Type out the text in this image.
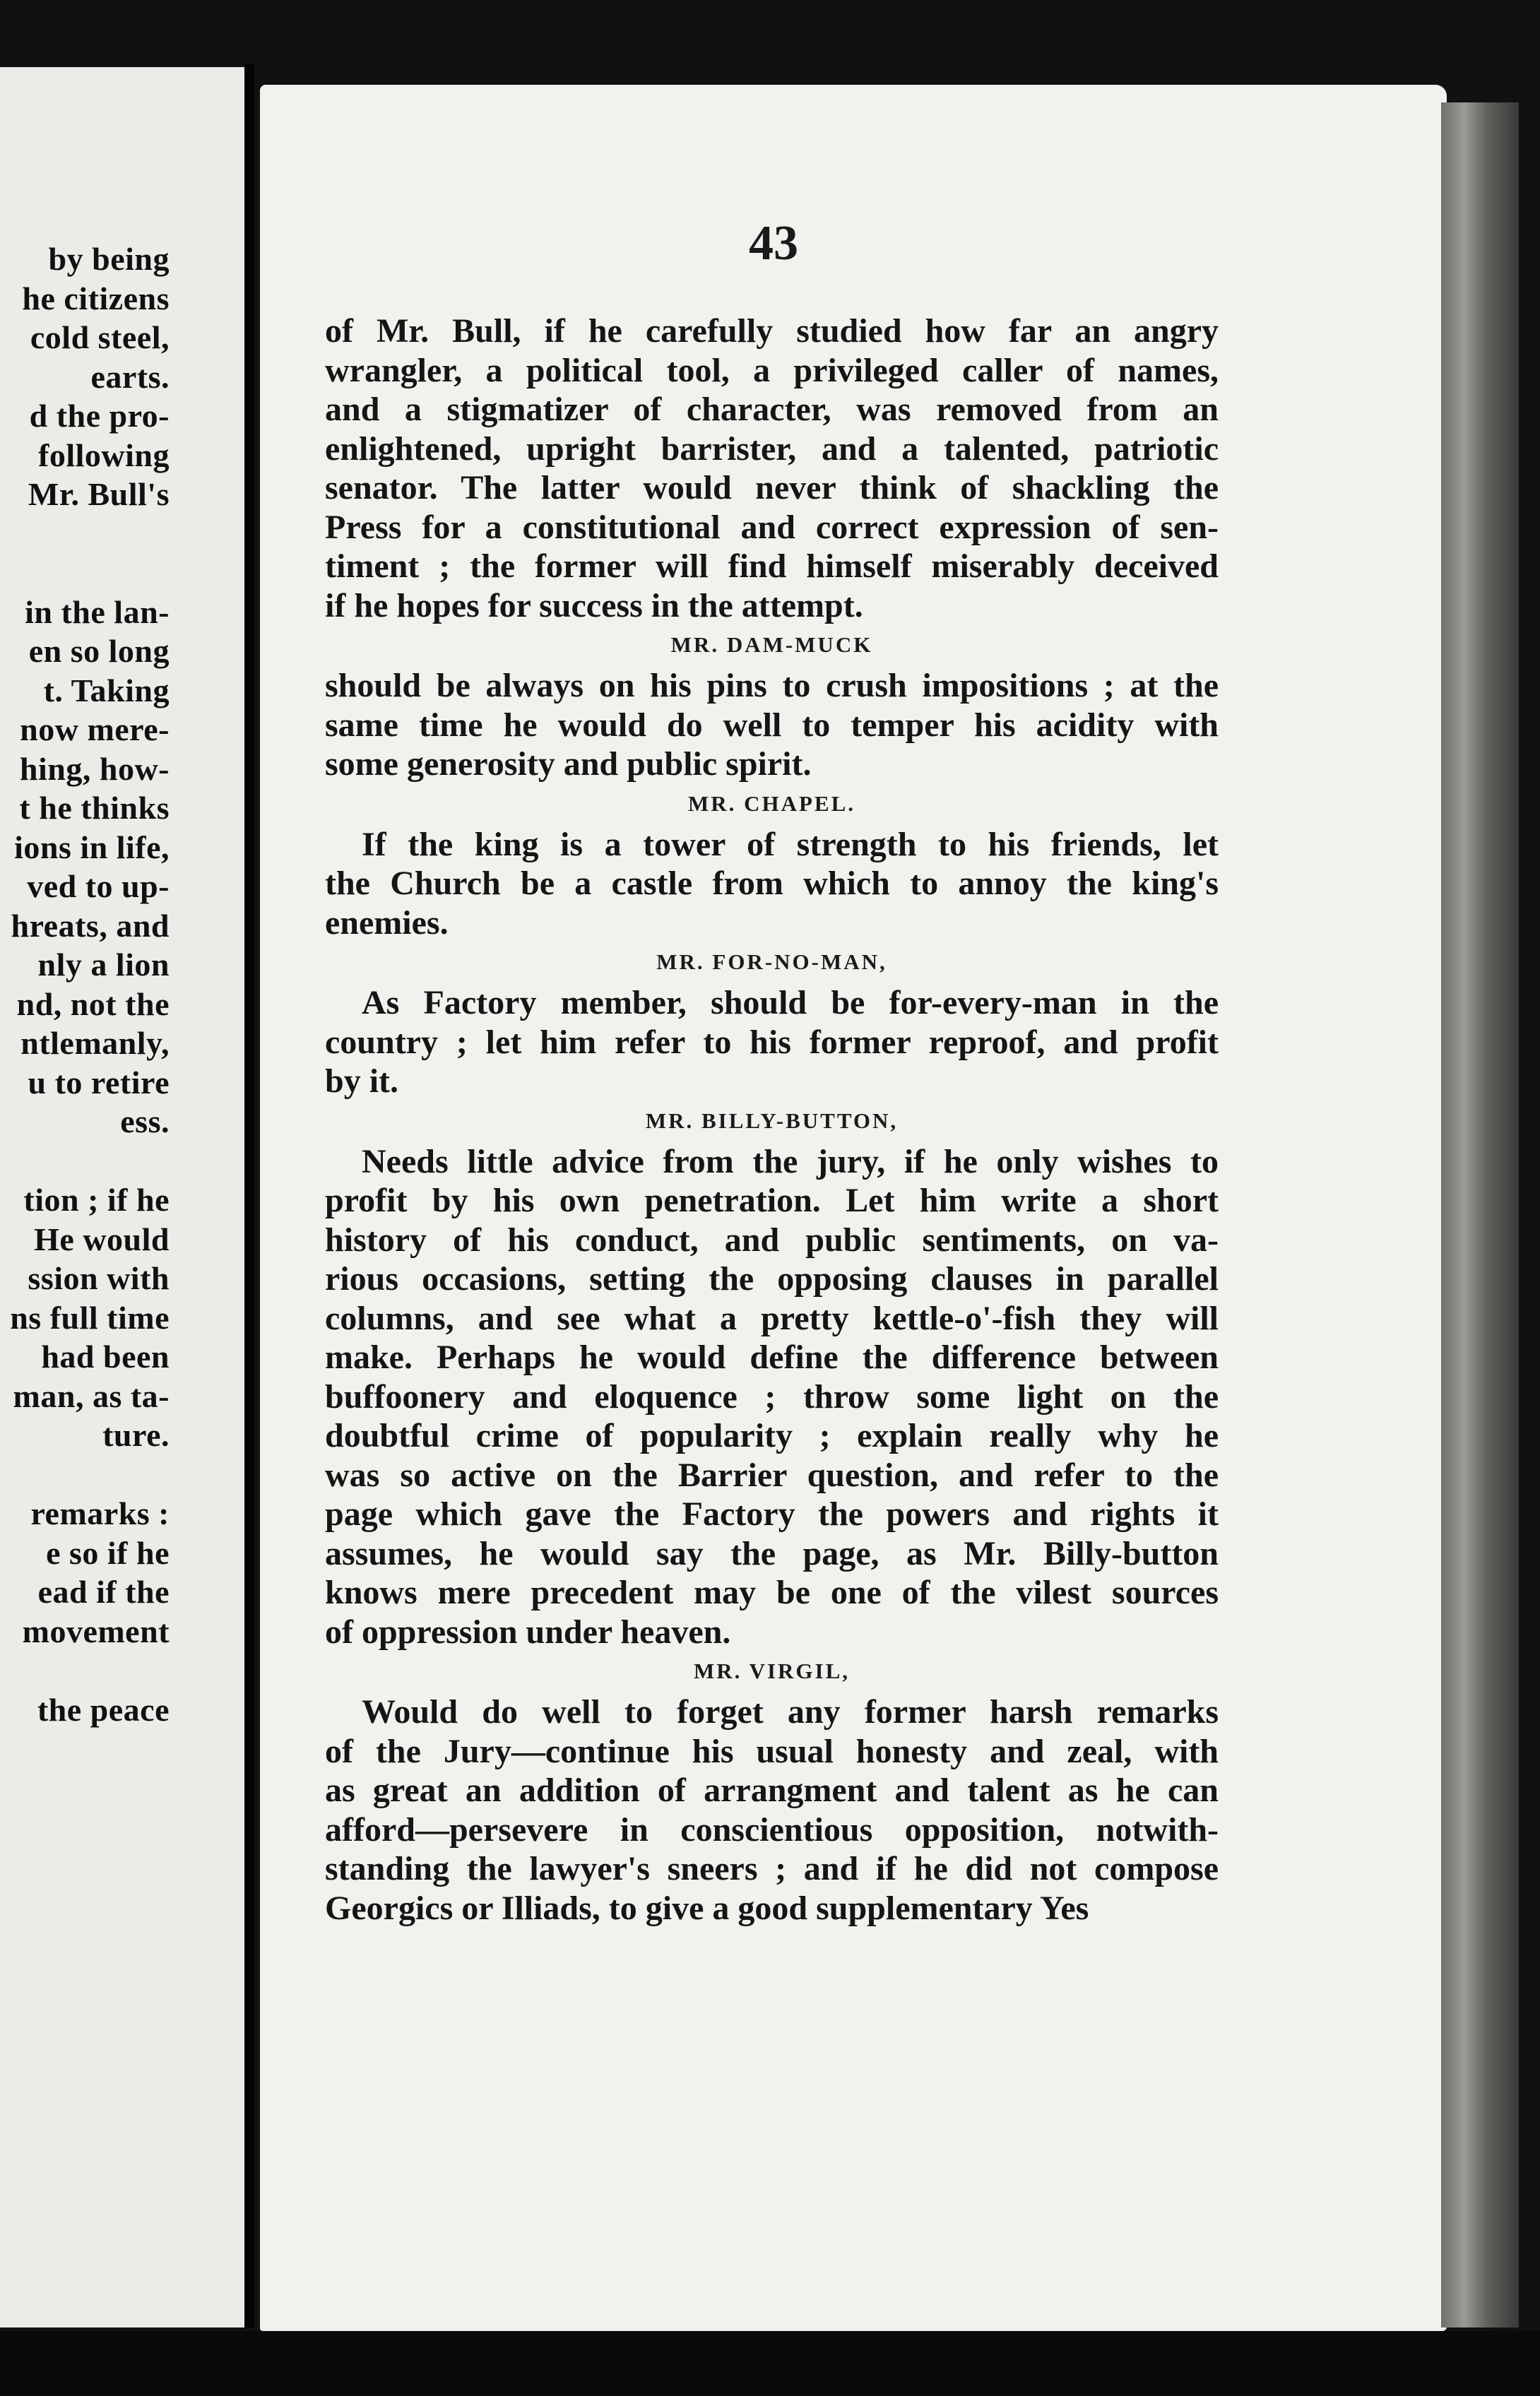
by being
he citizens
cold steel,
earts.
d the pro-
following
Mr. Bull's
in the lan-
en so long
t. Taking
now mere-
hing, how-
t he thinks
ions in life,
ved to up-
hreats, and
nly a lion
nd, not the
ntlemanly,
u to retire
ess.
tion ; if he
He would
ssion with
ns full time
had been
man, as ta-
ture.
remarks :
e so if he
ead if the
movement
the peace
43
of Mr. Bull, if he carefully studied how far an angry
wrangler, a political tool, a privileged caller of names,
and a stigmatizer of character, was removed from an
enlightened, upright barrister, and a talented, patriotic
senator. The latter would never think of shackling the
Press for a constitutional and correct expression of sen-
timent ; the former will find himself miserably deceived
if he hopes for success in the attempt.
MR. DAM-MUCK
should be always on his pins to crush impositions ; at the
same time he would do well to temper his acidity with
some generosity and public spirit.
MR. CHAPEL.
If the king is a tower of strength to his friends, let
the Church be a castle from which to annoy the king's
enemies.
MR. FOR-NO-MAN,
As Factory member, should be for-every-man in the
country ; let him refer to his former reproof, and profit
by it.
MR. BILLY-BUTTON,
Needs little advice from the jury, if he only wishes to
profit by his own penetration. Let him write a short
history of his conduct, and public sentiments, on va-
rious occasions, setting the opposing clauses in parallel
columns, and see what a pretty kettle-o'-fish they will
make. Perhaps he would define the difference between
buffoonery and eloquence ; throw some light on the
doubtful crime of popularity ; explain really why he
was so active on the Barrier question, and refer to the
page which gave the Factory the powers and rights it
assumes, he would say the page, as Mr. Billy-button
knows mere precedent may be one of the vilest sources
of oppression under heaven.
MR. VIRGIL,
Would do well to forget any former harsh remarks
of the Jury—continue his usual honesty and zeal, with
as great an addition of arrangment and talent as he can
afford—persevere in conscientious opposition, notwith-
standing the lawyer's sneers ; and if he did not compose
Georgics or Illiads, to give a good supplementary Yes
